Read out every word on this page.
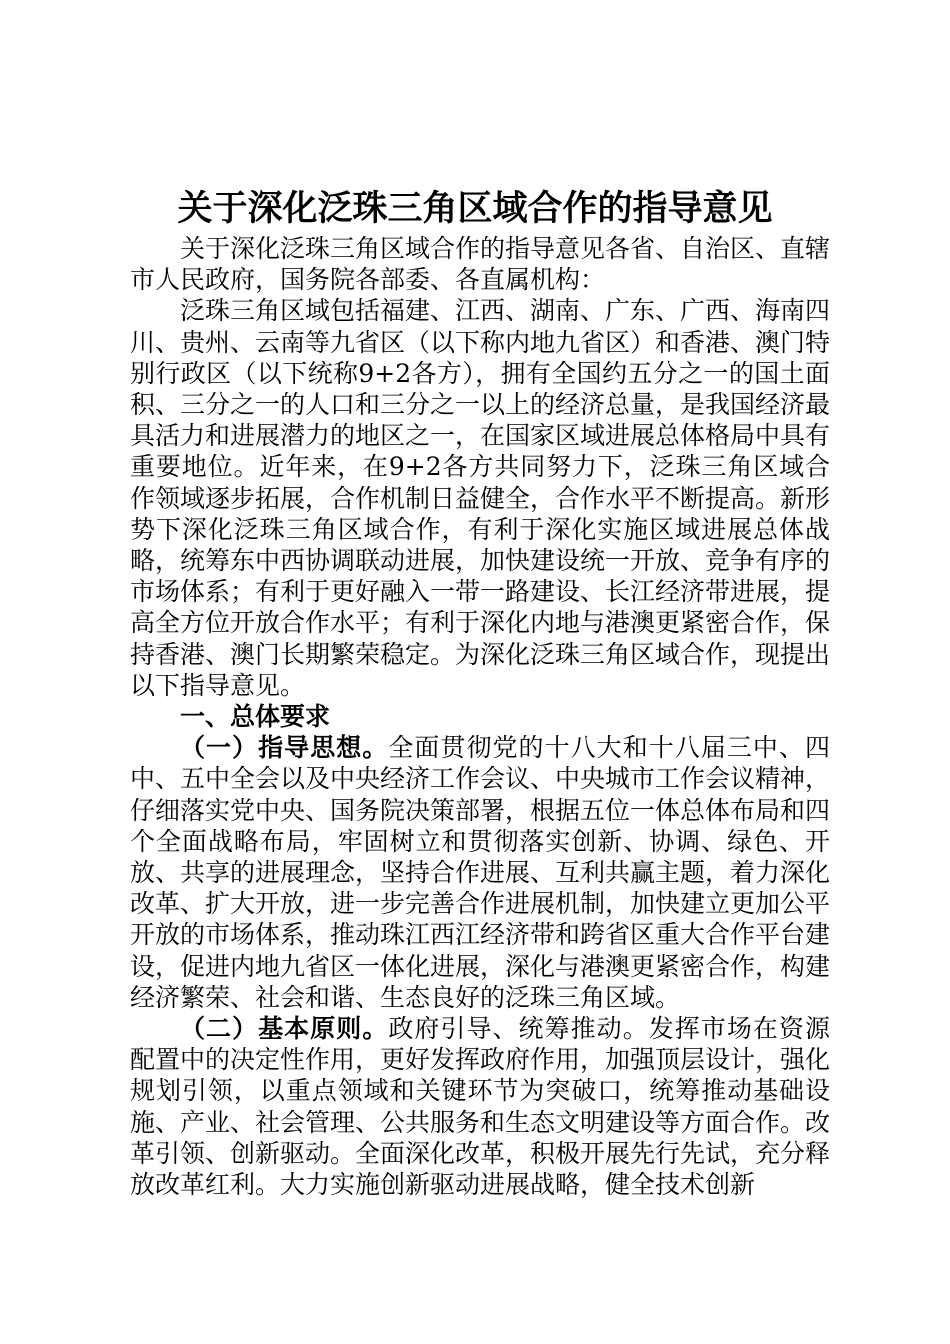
关于深化泛珠三角区域合作的指导意见

关于深化泛珠三角区域合作的指导意见各省、自治区、直辖市人民政府，国务院各部委、各直属机构：

泛珠三角区域包括福建、江西、湖南、广东、广西、海南四川、贵州、云南等九省区（以下称内地九省区）和香港、澳门特别行政区（以下统称9+2各方），拥有全国约五分之一的国土面积、三分之一的人口和三分之一以上的经济总量，是我国经济最具活力和进展潜力的地区之一，在国家区域进展总体格局中具有重要地位。近年来，在9+2各方共同努力下，泛珠三角区域合作领域逐步拓展，合作机制日益健全，合作水平不断提高。新形势下深化泛珠三角区域合作，有利于深化实施区域进展总体战略，统筹东中西协调联动进展，加快建设统一开放、竞争有序的市场体系；有利于更好融入一带一路建设、长江经济带进展，提高全方位开放合作水平；有利于深化内地与港澳更紧密合作，保持香港、澳门长期繁荣稳定。为深化泛珠三角区域合作，现提出以下指导意见。

一、总体要求

（一）指导思想。全面贯彻党的十八大和十八届三中、四中、五中全会以及中央经济工作会议、中央城市工作会议精神，仔细落实党中央、国务院决策部署，根据五位一体总体布局和四个全面战略布局，牢固树立和贯彻落实创新、协调、绿色、开放、共享的进展理念，坚持合作进展、互利共赢主题，着力深化改革、扩大开放，进一步完善合作进展机制，加快建立更加公平开放的市场体系，推动珠江西江经济带和跨省区重大合作平台建设，促进内地九省区一体化进展，深化与港澳更紧密合作，构建经济繁荣、社会和谐、生态良好的泛珠三角区域。

（二）基本原则。政府引导、统筹推动。发挥市场在资源配置中的决定性作用，更好发挥政府作用，加强顶层设计，强化规划引领，以重点领域和关键环节为突破口，统筹推动基础设施、产业、社会管理、公共服务和生态文明建设等方面合作。改革引领、创新驱动。全面深化改革，积极开展先行先试，充分释放改革红利。大力实施创新驱动进展战略，健全技术创新
